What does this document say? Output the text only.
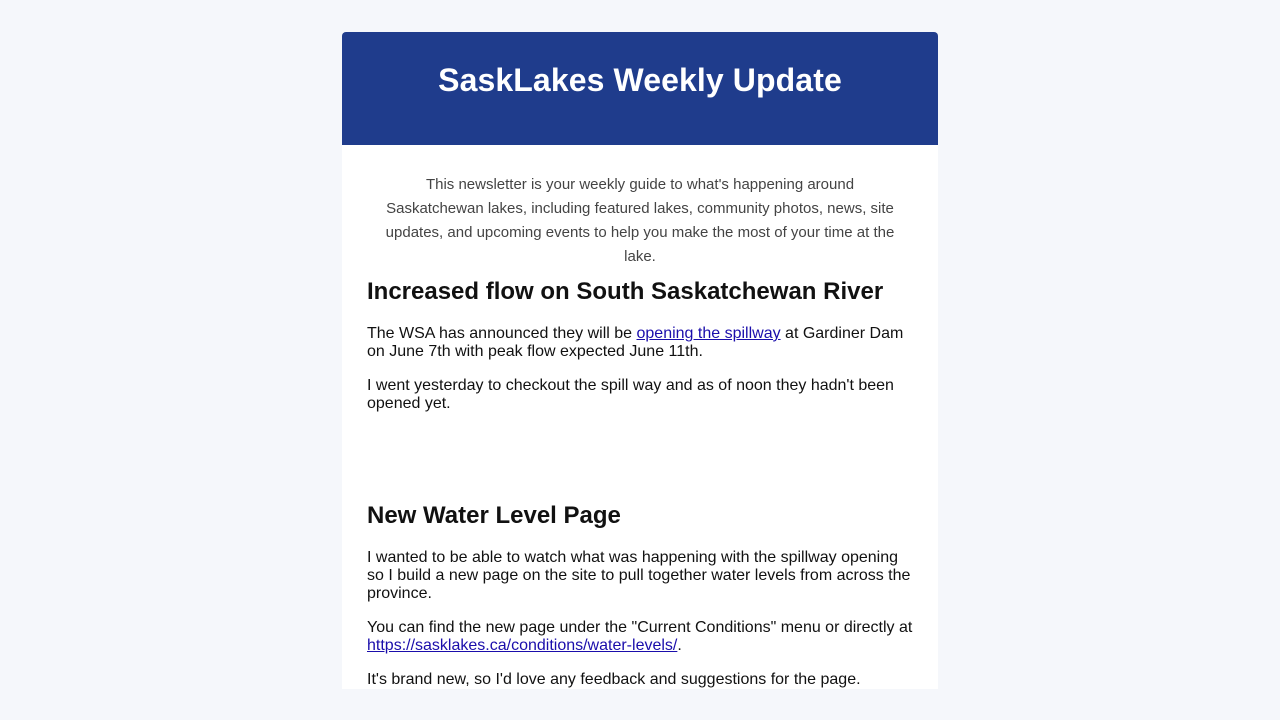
SaskLakes Weekly Update

This newsletter is your weekly guide to what's happening around Saskatchewan lakes, including featured lakes, community photos, news, site updates, and upcoming events to help you make the most of your time at the lake.

Increased flow on South Saskatchewan River

The WSA has announced they will be opening the spillway at Gardiner Dam on June 7th with peak flow expected June 11th.

I went yesterday to checkout the spill way and as of noon they hadn't been opened yet.

New Water Level Page

I wanted to be able to watch what was happening with the spillway opening so I build a new page on the site to pull together water levels from across the province.

You can find the new page under the "Current Conditions" menu or directly at https://sasklakes.ca/conditions/water-levels/.

It's brand new, so I'd love any feedback and suggestions for the page.
